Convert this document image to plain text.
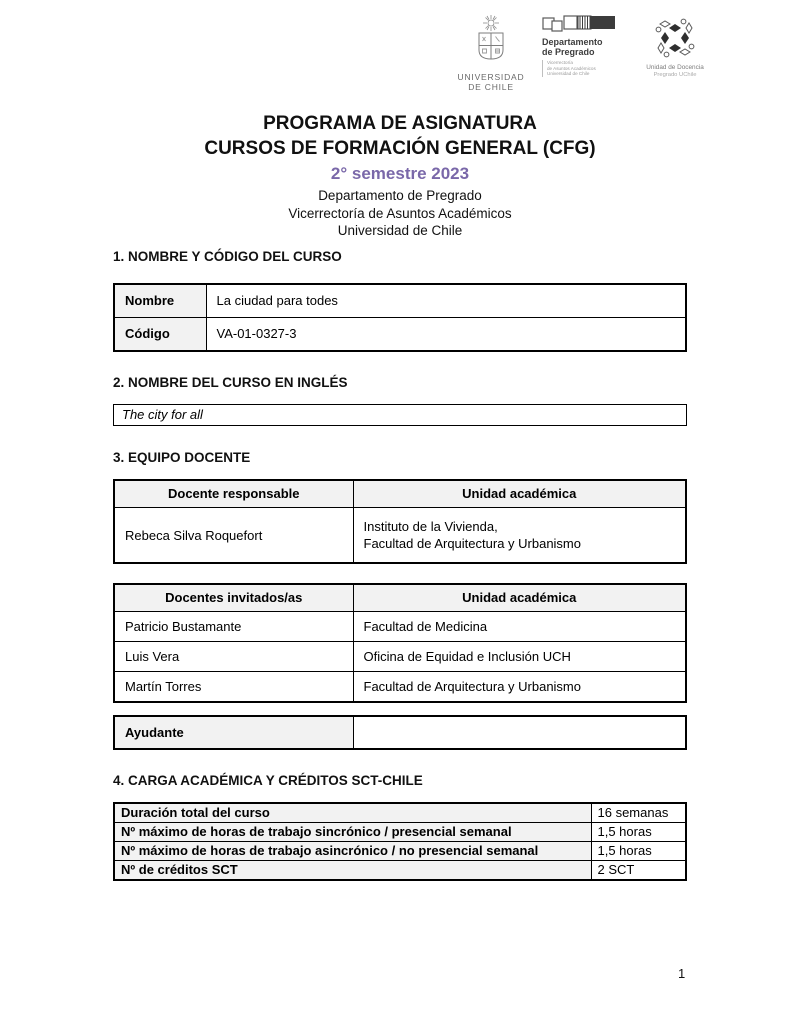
UNIVERSIDAD
DE CHILE
Departamento
de Pregrado
Vicerrectoría
de Asuntos Académicos
Universidad de Chile
Unidad de Docencia
Pregrado UChile
PROGRAMA DE ASIGNATURA
CURSOS DE FORMACIÓN GENERAL (CFG)
2° semestre 2023
Departamento de Pregrado
Vicerrectoría de Asuntos Académicos
Universidad de Chile
1. NOMBRE Y CÓDIGO DEL CURSO
Nombre	La ciudad para todes
Código	VA-01-0327-3
2. NOMBRE DEL CURSO EN INGLÉS
The city for all
3. EQUIPO DOCENTE
Docente responsable	Unidad académica
Rebeca Silva Roquefort	Instituto de la Vivienda,
Facultad de Arquitectura y Urbanismo
Docentes invitados/as	Unidad académica
Patricio Bustamante	Facultad de Medicina
Luis Vera	Oficina de Equidad e Inclusión UCH
Martín Torres	Facultad de Arquitectura y Urbanismo
Ayudante	
4. CARGA ACADÉMICA Y CRÉDITOS SCT-CHILE
Duración total del curso	16 semanas
Nº máximo de horas de trabajo sincrónico / presencial semanal	1,5 horas
Nº máximo de horas de trabajo asincrónico / no presencial semanal	1,5 horas
Nº de créditos SCT	2 SCT
1
